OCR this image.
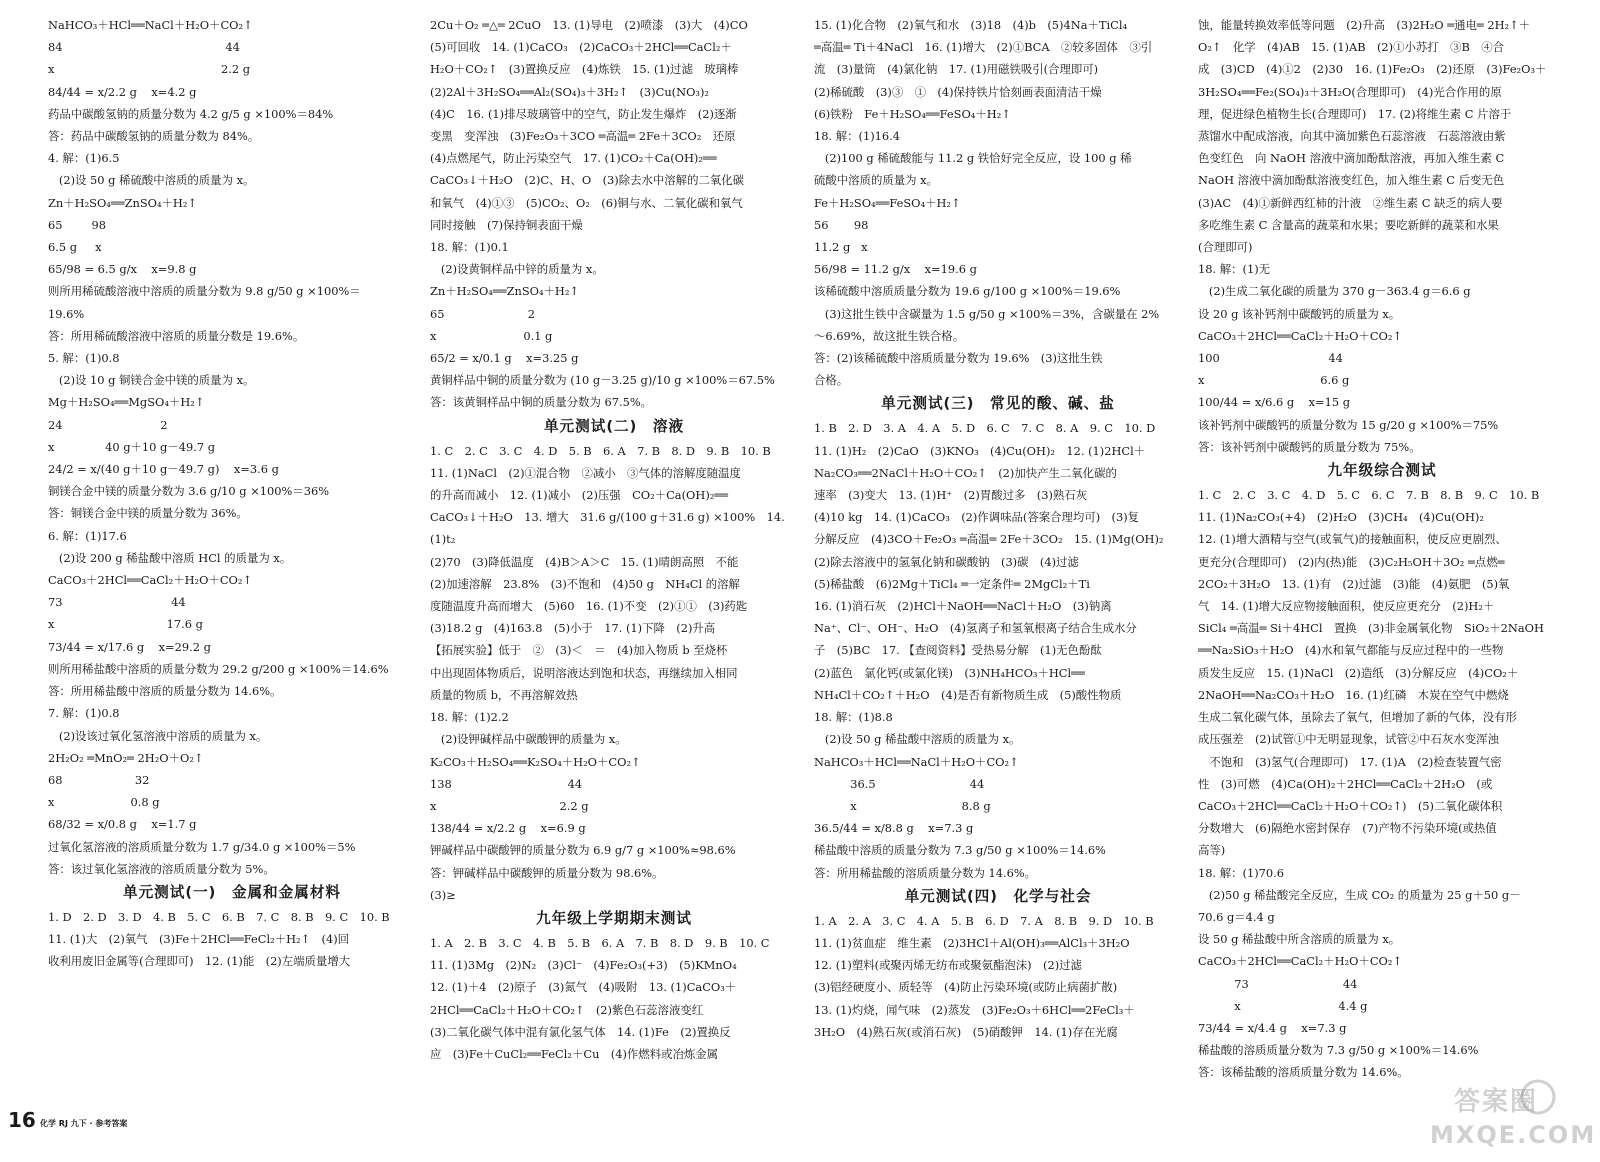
NaHCO₃＋HCl══NaCl＋H₂O＋CO₂↑

84                                             44

x                                              2.2 g

84/44 = x/2.2 g    x=4.2 g

药品中碳酸氢钠的质量分数为 4.2 g/5 g ×100%＝84%

答：药品中碳酸氢钠的质量分数为 84%。

4. 解：(1)6.5

(2)设 50 g 稀硫酸中溶质的质量为 x。

Zn＋H₂SO₄══ZnSO₄＋H₂↑

65        98

6.5 g     x

65/98 = 6.5 g/x    x=9.8 g

则所用稀硫酸溶液中溶质的质量分数为 9.8 g/50 g ×100%＝

19.6%

答：所用稀硫酸溶液中溶质的质量分数是 19.6%。

5. 解：(1)0.8

(2)设 10 g 铜镁合金中镁的质量为 x。

Mg＋H₂SO₄══MgSO₄＋H₂↑

24                           2

x              40 g＋10 g－49.7 g

24/2 = x/(40 g＋10 g－49.7 g)    x=3.6 g

铜镁合金中镁的质量分数为 3.6 g/10 g ×100%＝36%

答：铜镁合金中镁的质量分数为 36%。

6. 解：(1)17.6

(2)设 200 g 稀盐酸中溶质 HCl 的质量为 x。

CaCO₃＋2HCl══CaCl₂＋H₂O＋CO₂↑

73                              44

x                               17.6 g

73/44 = x/17.6 g    x=29.2 g

则所用稀盐酸中溶质的质量分数为 29.2 g/200 g ×100%＝14.6%

答：所用稀盐酸中溶质的质量分数为 14.6%。

7. 解：(1)0.8

(2)设该过氧化氢溶液中溶质的质量为 x。

2H₂O₂ ═MnO₂═ 2H₂O＋O₂↑

68                    32

x                     0.8 g

68/32 = x/0.8 g    x=1.7 g

过氧化氢溶液的溶质质量分数为 1.7 g/34.0 g ×100%＝5%

答：该过氧化氢溶液的溶质质量分数为 5%。

单元测试(一)　金属和金属材料

1. D　2. D　3. D　4. B　5. C　6. B　7. C　8. B　9. C　10. B

11. (1)大　(2)氧气　(3)Fe＋2HCl══FeCl₂＋H₂↑　(4)回

收利用废旧金属等(合理即可)　12. (1)能　(2)左端质量增大

2Cu＋O₂ ═△═ 2CuO　13. (1)导电　(2)喷漆　(3)大　(4)CO

(5)可回收　14. (1)CaCO₃　(2)CaCO₃＋2HCl══CaCl₂＋

H₂O＋CO₂↑　(3)置换反应　(4)炼铁　15. (1)过滤　玻璃棒

(2)2Al＋3H₂SO₄══Al₂(SO₄)₃＋3H₂↑　(3)Cu(NO₃)₂

(4)C　16. (1)排尽玻璃管中的空气，防止发生爆炸　(2)逐渐

变黑　变浑浊　(3)Fe₂O₃＋3CO ═高温═ 2Fe＋3CO₂　还原

(4)点燃尾气，防止污染空气　17. (1)CO₂＋Ca(OH)₂══

CaCO₃↓＋H₂O　(2)C、H、O　(3)除去水中溶解的二氧化碳

和氧气　(4)①③　(5)CO₂、O₂　(6)铜与水、二氧化碳和氧气

同时接触　(7)保持铜表面干燥

18. 解：(1)0.1

(2)设黄铜样品中锌的质量为 x。

Zn＋H₂SO₄══ZnSO₄＋H₂↑

65                       2

x                        0.1 g

65/2 = x/0.1 g    x=3.25 g

黄铜样品中铜的质量分数为 (10 g－3.25 g)/10 g ×100%＝67.5%

答：该黄铜样品中铜的质量分数为 67.5%。

单元测试(二)　溶液

1. C　2. C　3. C　4. D　5. B　6. A　7. B　8. D　9. B　10. B

11. (1)NaCl　(2)①混合物　②减小　③气体的溶解度随温度

的升高而减小　12. (1)减小　(2)压强　CO₂＋Ca(OH)₂══

CaCO₃↓＋H₂O　13. 增大　31.6 g/(100 g＋31.6 g) ×100%　14. (1)t₂

(2)70　(3)降低温度　(4)B＞A＞C　15. (1)晴朗高照　不能

(2)加速溶解　23.8%　(3)不饱和　(4)50 g　NH₄Cl 的溶解

度随温度升高而增大　(5)60　16. (1)不变　(2)①①　(3)药匙

(3)18.2 g　(4)163.8　(5)小于　17. (1)下降　(2)升高

【拓展实验】低于　②　(3)＜　＝　(4)加入物质 b 至烧杯

中出现固体物质后，说明溶液达到饱和状态，再继续加入相同

质量的物质 b，不再溶解效热

18. 解：(1)2.2

(2)设钾碱样品中碳酸钾的质量为 x。

K₂CO₃＋H₂SO₄══K₂SO₄＋H₂O＋CO₂↑

138                                44

x                                  2.2 g

138/44 = x/2.2 g    x=6.9 g

钾碱样品中碳酸钾的质量分数为 6.9 g/7 g ×100%≈98.6%

答：钾碱样品中碳酸钾的质量分数为 98.6%。

(3)≥

九年级上学期期末测试

1. A　2. B　3. C　4. B　5. B　6. A　7. B　8. D　9. B　10. C

11. (1)3Mg　(2)N₂　(3)Cl⁻　(4)Fe₂O₃(+3)　(5)KMnO₄

12. (1)＋4　(2)原子　(3)氮气　(4)吸附　13. (1)CaCO₃＋

2HCl══CaCl₂＋H₂O＋CO₂↑　(2)紫色石蕊溶液变红

(3)二氧化碳气体中混有氯化氢气体　14. (1)Fe　(2)置换反

应　(3)Fe＋CuCl₂══FeCl₂＋Cu　(4)作燃料或冶炼金属

15. (1)化合物　(2)氧气和水　(3)18　(4)b　(5)4Na＋TiCl₄

═高温═ Ti＋4NaCl　16. (1)增大　(2)①BCA　②较多固体　③引

流　(3)量筒　(4)氯化钠　17. (1)用磁铁吸引(合理即可)

(2)稀硫酸　(3)③　①　(4)保持铁片恰刻画表面清洁干燥

(6)铁粉　Fe＋H₂SO₄══FeSO₄＋H₂↑

18. 解：(1)16.4

(2)100 g 稀硫酸能与 11.2 g 铁恰好完全反应，设 100 g 稀

硫酸中溶质的质量为 x。

Fe＋H₂SO₄══FeSO₄＋H₂↑

56       98

11.2 g   x

56/98 = 11.2 g/x    x=19.6 g

该稀硫酸中溶质质量分数为 19.6 g/100 g ×100%＝19.6%

(3)这批生铁中含碳量为 1.5 g/50 g ×100%＝3%，含碳量在 2%

～6.69%，故这批生铁合格。

答：(2)该稀硫酸中溶质质量分数为 19.6%　(3)这批生铁

合格。

单元测试(三)　常见的酸、碱、盐

1. B　2. D　3. A　4. A　5. D　6. C　7. C　8. A　9. C　10. D

11. (1)H₂　(2)CaO　(3)KNO₃　(4)Cu(OH)₂　12. (1)2HCl＋

Na₂CO₃══2NaCl＋H₂O＋CO₂↑　(2)加快产生二氧化碳的

速率　(3)变大　13. (1)H⁺　(2)胃酸过多　(3)熟石灰

(4)10 kg　14. (1)CaCO₃　(2)作调味品(答案合理均可)　(3)复

分解反应　(4)3CO＋Fe₂O₃ ═高温═ 2Fe＋3CO₂　15. (1)Mg(OH)₂

(2)除去溶液中的氢氧化钠和碳酸钠　(3)碳　(4)过滤

(5)稀盐酸　(6)2Mg＋TiCl₄ ═一定条件═ 2MgCl₂＋Ti

16. (1)消石灰　(2)HCl＋NaOH══NaCl＋H₂O　(3)钠离

Na⁺、Cl⁻、OH⁻、H₂O　(4)氢离子和氢氧根离子结合生成水分

子　(5)BC　17. 【查阅资料】受热易分解　(1)无色酚酞

(2)蓝色　氯化钙(或氯化镁)　(3)NH₄HCO₃＋HCl══

NH₄Cl＋CO₂↑＋H₂O　(4)是否有新物质生成　(5)酸性物质

18. 解：(1)8.8

(2)设 50 g 稀盐酸中溶质的质量为 x。

NaHCO₃＋HCl══NaCl＋H₂O＋CO₂↑

36.5                          44

x                             8.8 g

36.5/44 = x/8.8 g    x=7.3 g

稀盐酸中溶质的质量分数为 7.3 g/50 g ×100%＝14.6%

答：所用稀盐酸的溶质质量分数为 14.6%。

单元测试(四)　化学与社会

1. A　2. A　3. C　4. A　5. B　6. D　7. A　8. B　9. D　10. B

11. (1)贫血症　维生素　(2)3HCl＋Al(OH)₃══AlCl₃＋3H₂O

12. (1)塑料(或聚丙烯无纺布或聚氨酯泡沫)　(2)过滤

(3)铝经硬度小、质轻等　(4)防止污染环境(或防止病菌扩散)

13. (1)灼烧，闻气味　(2)蒸发　(3)Fe₂O₃＋6HCl══2FeCl₃＋

3H₂O　(4)熟石灰(或消石灰)　(5)硝酸钾　14. (1)存在光腐

蚀，能量转换效率低等问题　(2)升高　(3)2H₂O ═通电═ 2H₂↑＋

O₂↑　化学　(4)AB　15. (1)AB　(2)①小苏打　③B　④合

成　(3)CD　(4)①2　(2)30　16. (1)Fe₂O₃　(2)还原　(3)Fe₂O₃＋

3H₂SO₄══Fe₂(SO₄)₃＋3H₂O(合理即可)　(4)光合作用的原

理，促进绿色植物生长(合理即可)　17. (2)将维生素 C 片溶于

蒸馏水中配成溶液，向其中滴加紫色石蕊溶液　石蕊溶液由紫

色变红色　向 NaOH 溶液中滴加酚酞溶液，再加入维生素 C

NaOH 溶液中滴加酚酞溶液变红色，加入维生素 C 后变无色

(3)AC　(4)①新鲜西红柿的汁液　②维生素 C 缺乏的病人要

多吃维生素 C 含量高的蔬菜和水果；要吃新鲜的蔬菜和水果

(合理即可)

18. 解：(1)无

(2)生成二氧化碳的质量为 370 g－363.4 g＝6.6 g

设 20 g 该补钙剂中碳酸钙的质量为 x。

CaCO₃＋2HCl══CaCl₂＋H₂O＋CO₂↑

100                              44

x                                6.6 g

100/44 = x/6.6 g    x=15 g

该补钙剂中碳酸钙的质量分数为 15 g/20 g ×100%＝75%

答：该补钙剂中碳酸钙的质量分数为 75%。

九年级综合测试

1. C　2. C　3. C　4. D　5. C　6. C　7. B　8. B　9. C　10. B

11. (1)Na₂CO₃(+4)　(2)H₂O　(3)CH₄　(4)Cu(OH)₂

12. (1)增大酒精与空气(或氧气)的接触面积，使反应更剧烈、

更充分(合理即可)　(2)内(热)能　(3)C₂H₅OH＋3O₂ ═点燃═

2CO₂＋3H₂O　13. (1)有　(2)过滤　(3)能　(4)氨肥　(5)氧

气　14. (1)增大反应物接触面积，使反应更充分　(2)H₂＋

SiCl₄ ═高温═ Si＋4HCl　置换　(3)非金属氧化物　SiO₂＋2NaOH

══Na₂SiO₃＋H₂O　(4)水和氧气都能与反应过程中的一些物

质发生反应　15. (1)NaCl　(2)造纸　(3)分解反应　(4)CO₂＋

2NaOH══Na₂CO₃＋H₂O　16. (1)红磷　木炭在空气中燃烧

生成二氧化碳气体，虽除去了氧气，但增加了新的气体，没有形

成压强差　(2)试管①中无明显现象，试管②中石灰水变浑浊

　不饱和　(3)氢气(合理即可)　17. (1)A　(2)检查装置气密

性　(3)可燃　(4)Ca(OH)₂＋2HCl══CaCl₂＋2H₂O　(或

CaCO₃＋2HCl══CaCl₂＋H₂O＋CO₂↑)　(5)二氧化碳体积

分数增大　(6)隔绝水密封保存　(7)产物不污染环境(或热值

高等)

18. 解：(1)70.6

(2)50 g 稀盐酸完全反应，生成 CO₂ 的质量为 25 g＋50 g－

70.6 g＝4.4 g

设 50 g 稀盐酸中所含溶质的质量为 x。

CaCO₃＋2HCl══CaCl₂＋H₂O＋CO₂↑

73                          44

x                           4.4 g

73/44 = x/4.4 g    x=7.3 g

稀盐酸的溶质质量分数为 7.3 g/50 g ×100%＝14.6%

答：该稀盐酸的溶质质量分数为 14.6%。

16 化学 RJ 九下 · 参考答案
答案圈
MXQE.COM
